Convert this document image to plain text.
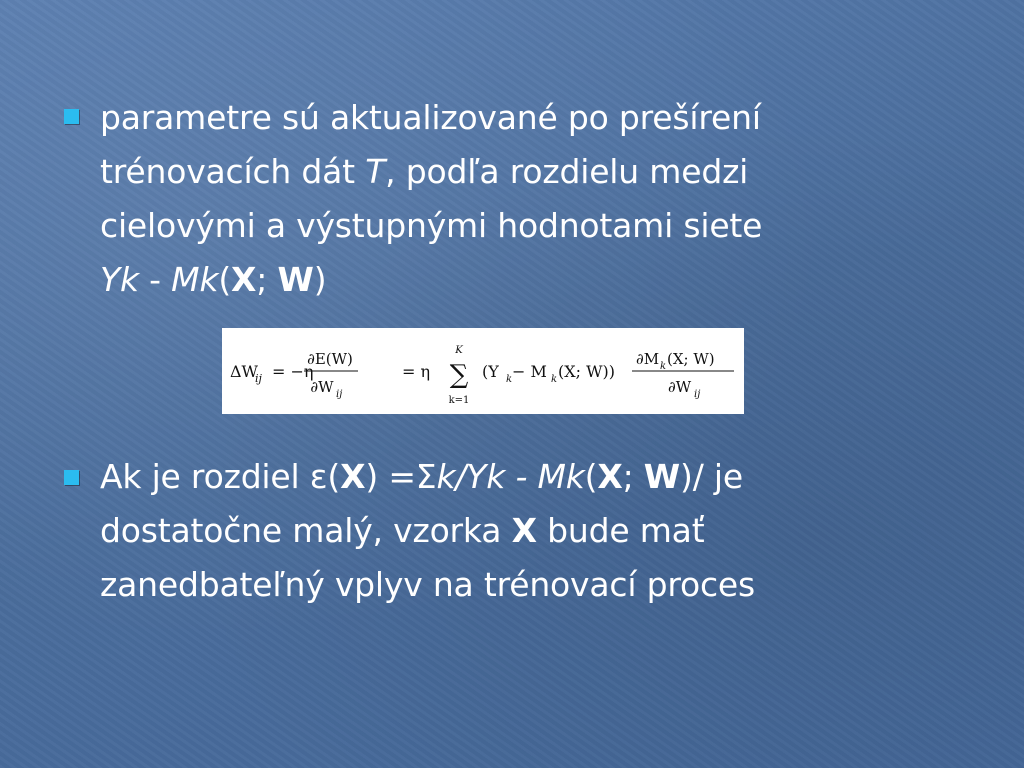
parametre sú aktualizované po prešírení
trénovacích dát T, podľa rozdielu medzi
cielovými a výstupnými hodnotami siete
Yk - Mk(X; W)
ΔW
ij = −η
∂E(W)
∂W ij
= η
K
∑
k=1
(Y k − M k (X; W))
∂M k (X; W)
∂W ij
Ak je rozdiel ε(X) =Σk/Yk - Mk(X; W)/ je
dostatočne malý, vzorka X bude mať
zanedbateľný vplyv na trénovací proces
